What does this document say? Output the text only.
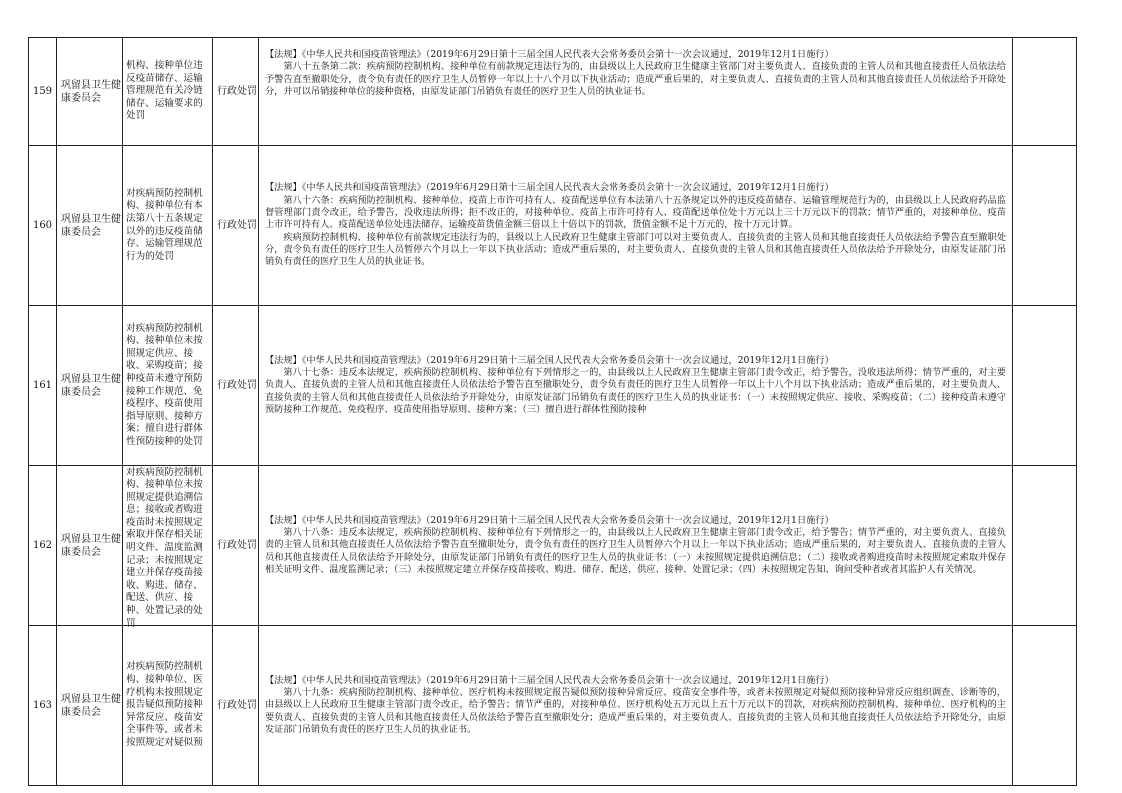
159	巩留县卫生健康委员会	机构、接种单位违反疫苗储存、运输管理规范有关冷链储存、运输要求的处罚	行政处罚	【法规】《中华人民共和国疫苗管理法》（2019年6月29日第十三届全国人民代表大会常务委员会第十一次会议通过，2019年12月1日施行）

第八十五条第二款：疾病预防控制机构、接种单位有前款规定违法行为的，由县级以上人民政府卫生健康主管部门对主要负责人、直接负责的主管人员和其他直接责任人员依法给予警告直至撤职处分，责令负有责任的医疗卫生人员暂停一年以上十八个月以下执业活动；造成严重后果的，对主要负责人、直接负责的主管人员和其他直接责任人员依法给予开除处分，并可以吊销接种单位的接种资格，由原发证部门吊销负有责任的医疗卫生人员的执业证书。	

160	巩留县卫生健康委员会	对疾病预防控制机构、接种单位有本法第八十五条规定以外的违反疫苗储存、运输管理规范行为的处罚	行政处罚	【法规】《中华人民共和国疫苗管理法》（2019年6月29日第十三届全国人民代表大会常务委员会第十一次会议通过，2019年12月1日施行）

第八十六条：疾病预防控制机构、接种单位、疫苗上市许可持有人、疫苗配送单位有本法第八十五条规定以外的违反疫苗储存、运输管理规范行为的，由县级以上人民政府药品监督管理部门责令改正，给予警告，没收违法所得；拒不改正的，对接种单位、疫苗上市许可持有人、疫苗配送单位处十万元以上三十万元以下的罚款；情节严重的，对接种单位、疫苗上市许可持有人、疫苗配送单位处违法储存、运输疫苗货值金额三倍以上十倍以下的罚款，货值金额不足十万元的，按十万元计算。

疾病预防控制机构、接种单位有前款规定违法行为的，县级以上人民政府卫生健康主管部门可以对主要负责人、直接负责的主管人员和其他直接责任人员依法给予警告直至撤职处分，责令负有责任的医疗卫生人员暂停六个月以上一年以下执业活动；造成严重后果的，对主要负责人、直接负责的主管人员和其他直接责任人员依法给予开除处分，由原发证部门吊销负有责任的医疗卫生人员的执业证书。	

161	巩留县卫生健康委员会	对疾病预防控制机构、接种单位未按照规定供应、接收、采购疫苗；接种疫苗未遵守预防接种工作规范、免疫程序、疫苗使用指导原则、接种方案；擅自进行群体性预防接种的处罚	行政处罚	【法规】《中华人民共和国疫苗管理法》（2019年6月29日第十三届全国人民代表大会常务委员会第十一次会议通过，2019年12月1日施行）

第八十七条：违反本法规定，疾病预防控制机构、接种单位有下列情形之一的，由县级以上人民政府卫生健康主管部门责令改正，给予警告，没收违法所得；情节严重的，对主要负责人、直接负责的主管人员和其他直接责任人员依法给予警告直至撤职处分，责令负有责任的医疗卫生人员暂停一年以上十八个月以下执业活动；造成严重后果的，对主要负责人、直接负责的主管人员和其他直接责任人员依法给予开除处分，由原发证部门吊销负有责任的医疗卫生人员的执业证书：（一）未按照规定供应、接收、采购疫苗；（二）接种疫苗未遵守预防接种工作规范、免疫程序、疫苗使用指导原则、接种方案；（三）擅自进行群体性预防接种	

162	巩留县卫生健康委员会	对疾病预防控制机构、接种单位未按照规定提供追溯信息；接收或者购进疫苗时未按照规定索取并保存相关证明文件、温度监测记录；未按照规定建立并保存疫苗接收、购进、储存、配送、供应、接种、处置记录的处罚	行政处罚	【法规】《中华人民共和国疫苗管理法》（2019年6月29日第十三届全国人民代表大会常务委员会第十一次会议通过，2019年12月1日施行）

第八十八条：违反本法规定，疾病预防控制机构、接种单位有下列情形之一的，由县级以上人民政府卫生健康主管部门责令改正，给予警告；情节严重的，对主要负责人、直接负责的主管人员和其他直接责任人员依法给予警告直至撤职处分，责令负有责任的医疗卫生人员暂停六个月以上一年以下执业活动；造成严重后果的，对主要负责人、直接负责的主管人员和其他直接责任人员依法给予开除处分，由原发证部门吊销负有责任的医疗卫生人员的执业证书：（一）未按照规定提供追溯信息；（二）接收或者购进疫苗时未按照规定索取并保存相关证明文件、温度监测记录；（三）未按照规定建立并保存疫苗接收、购进、储存、配送、供应、接种、处置记录；（四）未按照规定告知、询问受种者或者其监护人有关情况。	

163	巩留县卫生健康委员会	对疾病预防控制机构、接种单位、医疗机构未按照规定报告疑似预防接种异常反应、疫苗安全事件等，或者未按照规定对疑似预	行政处罚	【法规】《中华人民共和国疫苗管理法》（2019年6月29日第十三届全国人民代表大会常务委员会第十一次会议通过，2019年12月1日施行）

第八十九条：疾病预防控制机构、接种单位、医疗机构未按照规定报告疑似预防接种异常反应、疫苗安全事件等，或者未按照规定对疑似预防接种异常反应组织调查、诊断等的，由县级以上人民政府卫生健康主管部门责令改正，给予警告；情节严重的，对接种单位、医疗机构处五万元以上五十万元以下的罚款，对疾病预防控制机构、接种单位、医疗机构的主要负责人、直接负责的主管人员和其他直接责任人员依法给予警告直至撤职处分；造成严重后果的，对主要负责人、直接负责的主管人员和其他直接责任人员依法给予开除处分，由原发证部门吊销负有责任的医疗卫生人员的执业证书。	
